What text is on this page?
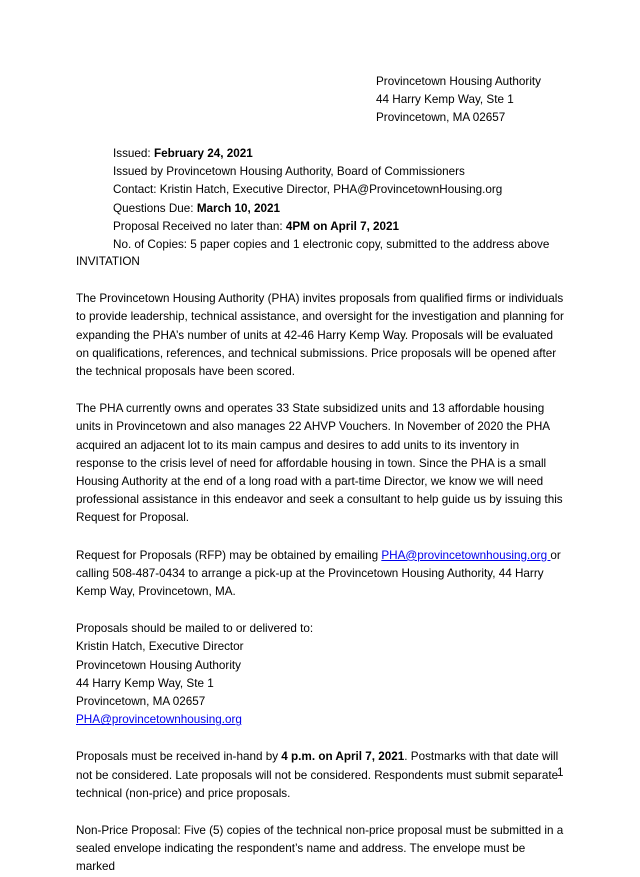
Provincetown Housing Authority
44 Harry Kemp Way, Ste 1
Provincetown, MA 02657
Issued: February 24, 2021
Issued by Provincetown Housing Authority, Board of Commissioners
Contact: Kristin Hatch, Executive Director, PHA@ProvincetownHousing.org
Questions Due: March 10, 2021
Proposal Received no later than: 4PM on April 7, 2021
No. of Copies: 5 paper copies and 1 electronic copy, submitted to the address above

INVITATION

The Provincetown Housing Authority (PHA) invites proposals from qualified firms or individuals to provide leadership, technical assistance, and oversight for the investigation and planning for expanding the PHA’s number of units at 42-46 Harry Kemp Way. Proposals will be evaluated on qualifications, references, and technical submissions. Price proposals will be opened after the technical proposals have been scored.

The PHA currently owns and operates 33 State subsidized units and 13 affordable housing units in Provincetown and also manages 22 AHVP Vouchers. In November of 2020 the PHA acquired an adjacent lot to its main campus and desires to add units to its inventory in response to the crisis level of need for affordable housing in town. Since the PHA is a small Housing Authority at the end of a long road with a part-time Director, we know we will need professional assistance in this endeavor and seek a consultant to help guide us by issuing this Request for Proposal.

Request for Proposals (RFP) may be obtained by emailing PHA@provincetownhousing.org or calling 508-487-0434 to arrange a pick-up at the Provincetown Housing Authority, 44 Harry Kemp Way, Provincetown, MA.

Proposals should be mailed to or delivered to:
Kristin Hatch, Executive Director
Provincetown Housing Authority
44 Harry Kemp Way, Ste 1
Provincetown, MA 02657
PHA@provincetownhousing.org

Proposals must be received in-hand by 4 p.m. on April 7, 2021. Postmarks with that date will not be considered. Late proposals will not be considered. Respondents must submit separate technical (non-price) and price proposals.

Non-Price Proposal: Five (5) copies of the technical non-price proposal must be submitted in a sealed envelope indicating the respondent’s name and address. The envelope must be marked

1
